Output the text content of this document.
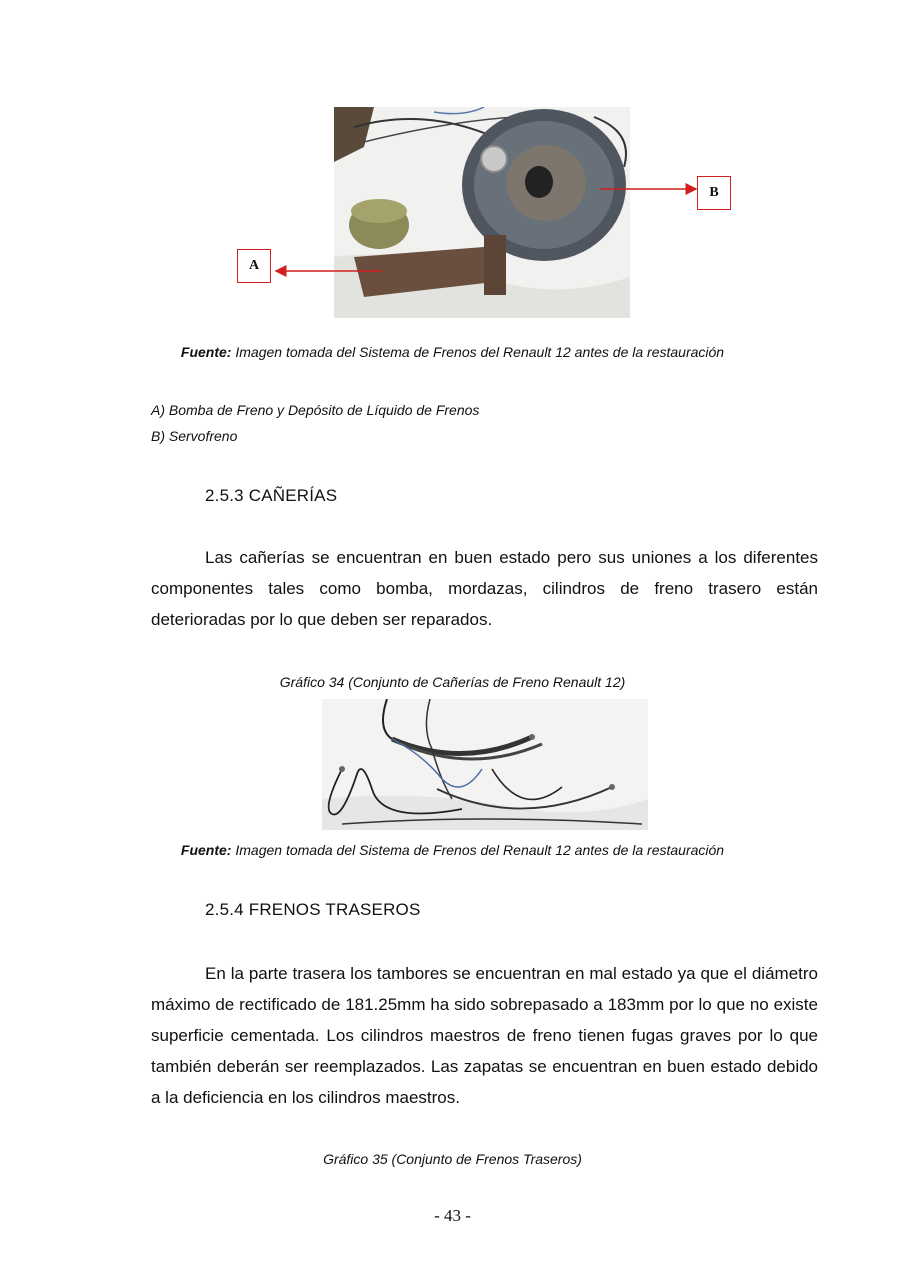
B
A
Fuente: Imagen tomada del Sistema de Frenos del Renault 12 antes de la restauración
A) Bomba de Freno y Depósito de Líquido de Frenos
B) Servofreno
2.5.3 CAÑERÍAS
Las cañerías se encuentran en buen estado pero sus uniones a los diferentes componentes tales como bomba, mordazas, cilindros de freno trasero están deterioradas por lo que deben ser reparados.
Gráfico 34 (Conjunto de Cañerías de Freno Renault 12)
Fuente: Imagen tomada del Sistema de Frenos del Renault 12 antes de la restauración
2.5.4 FRENOS TRASEROS
En la parte trasera los tambores se encuentran en mal estado ya que el diámetro máximo de rectificado de 181.25mm ha sido sobrepasado a 183mm por lo que no existe superficie cementada. Los cilindros maestros de freno tienen fugas graves por lo que también deberán ser reemplazados. Las zapatas se encuentran en buen estado debido a la deficiencia en los cilindros maestros.
Gráfico 35 (Conjunto de Frenos Traseros)
- 43 -
